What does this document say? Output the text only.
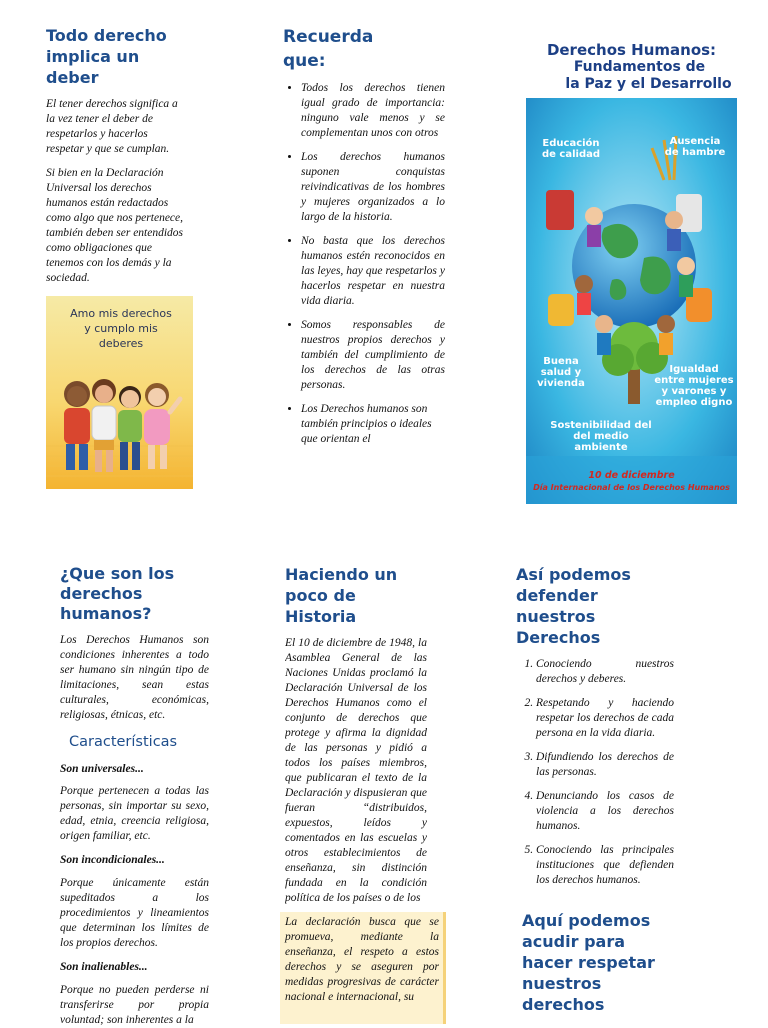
Todo derecho implica un deber

El tener derechos significa a la vez tener el deber de respetarlos y hacerlos respetar y que se cumplan.

Si bien en la Declaración Universal los derechos humanos están redactados como algo que nos pertenece, también deben ser entendidos como obligaciones que tenemos con los demás y la sociedad.

Amo mis derechos y cumplo mis deberes
Recuerda que:
• Todos los derechos tienen igual grado de importancia: ninguno vale menos y se complementan unos con otros
• Los derechos humanos suponen conquistas reivindicativas de los hombres y mujeres organizados a lo largo de la historia.
• No basta que los derechos humanos estén reconocidos en las leyes, hay que respetarlos y hacerlos respetar en nuestra vida diaria.
• Somos responsables de nuestros propios derechos y también del cumplimiento de los derechos de las otras personas.
• Los Derechos humanos son también principios o ideales que orientan el
Derechos Humanos:
Fundamentos de
la Paz y el Desarrollo
Educación de calidad
Ausencia de hambre
Buena salud y vivienda
Igualdad entre mujeres y varones y empleo digno
Sostenibilidad del del medio ambiente
10 de diciembre
Día Internacional de los Derechos Humanos
¿Que son los derechos humanos?

Los Derechos Humanos son condiciones inherentes a todo ser humano sin ningún tipo de limitaciones, sean estas culturales, económicas, religiosas, étnicas, etc.

Características

Son universales...

Porque pertenecen a todas las personas, sin importar su sexo, edad, etnia, creencia religiosa, origen familiar, etc.

Son incondicionales...

Porque únicamente están supeditados a los procedimientos y lineamientos que determinan los límites de los propios derechos.

Son inalienables...

Porque no pueden perderse ni transferirse por propia voluntad; son inherentes a la

Haciendo un poco de Historia

El 10 de diciembre de 1948, la Asamblea General de las Naciones Unidas proclamó la Declaración Universal de los Derechos Humanos como el conjunto de derechos que protege y afirma la dignidad de las personas y pidió a todos los países miembros, que publicaran el texto de la Declaración y dispusieran que fueran “distribuidos, expuestos, leídos y comentados en las escuelas y otros establecimientos de enseñanza, sin distinción fundada en la condición política de los países o de los

La declaración busca que se promueva, mediante la enseñanza, el respeto a estos derechos y se aseguren por medidas progresivas de carácter nacional e internacional, su

Así podemos defender nuestros Derechos
1. Conociendo nuestros derechos y deberes.
2. Respetando y haciendo respetar los derechos de cada persona en la vida diaria.
3. Difundiendo los derechos de las personas.
4. Denunciando los casos de violencia a los derechos humanos.
5. Conociendo las principales instituciones que defienden los derechos humanos.
Aquí podemos acudir para hacer respetar nuestros derechos
